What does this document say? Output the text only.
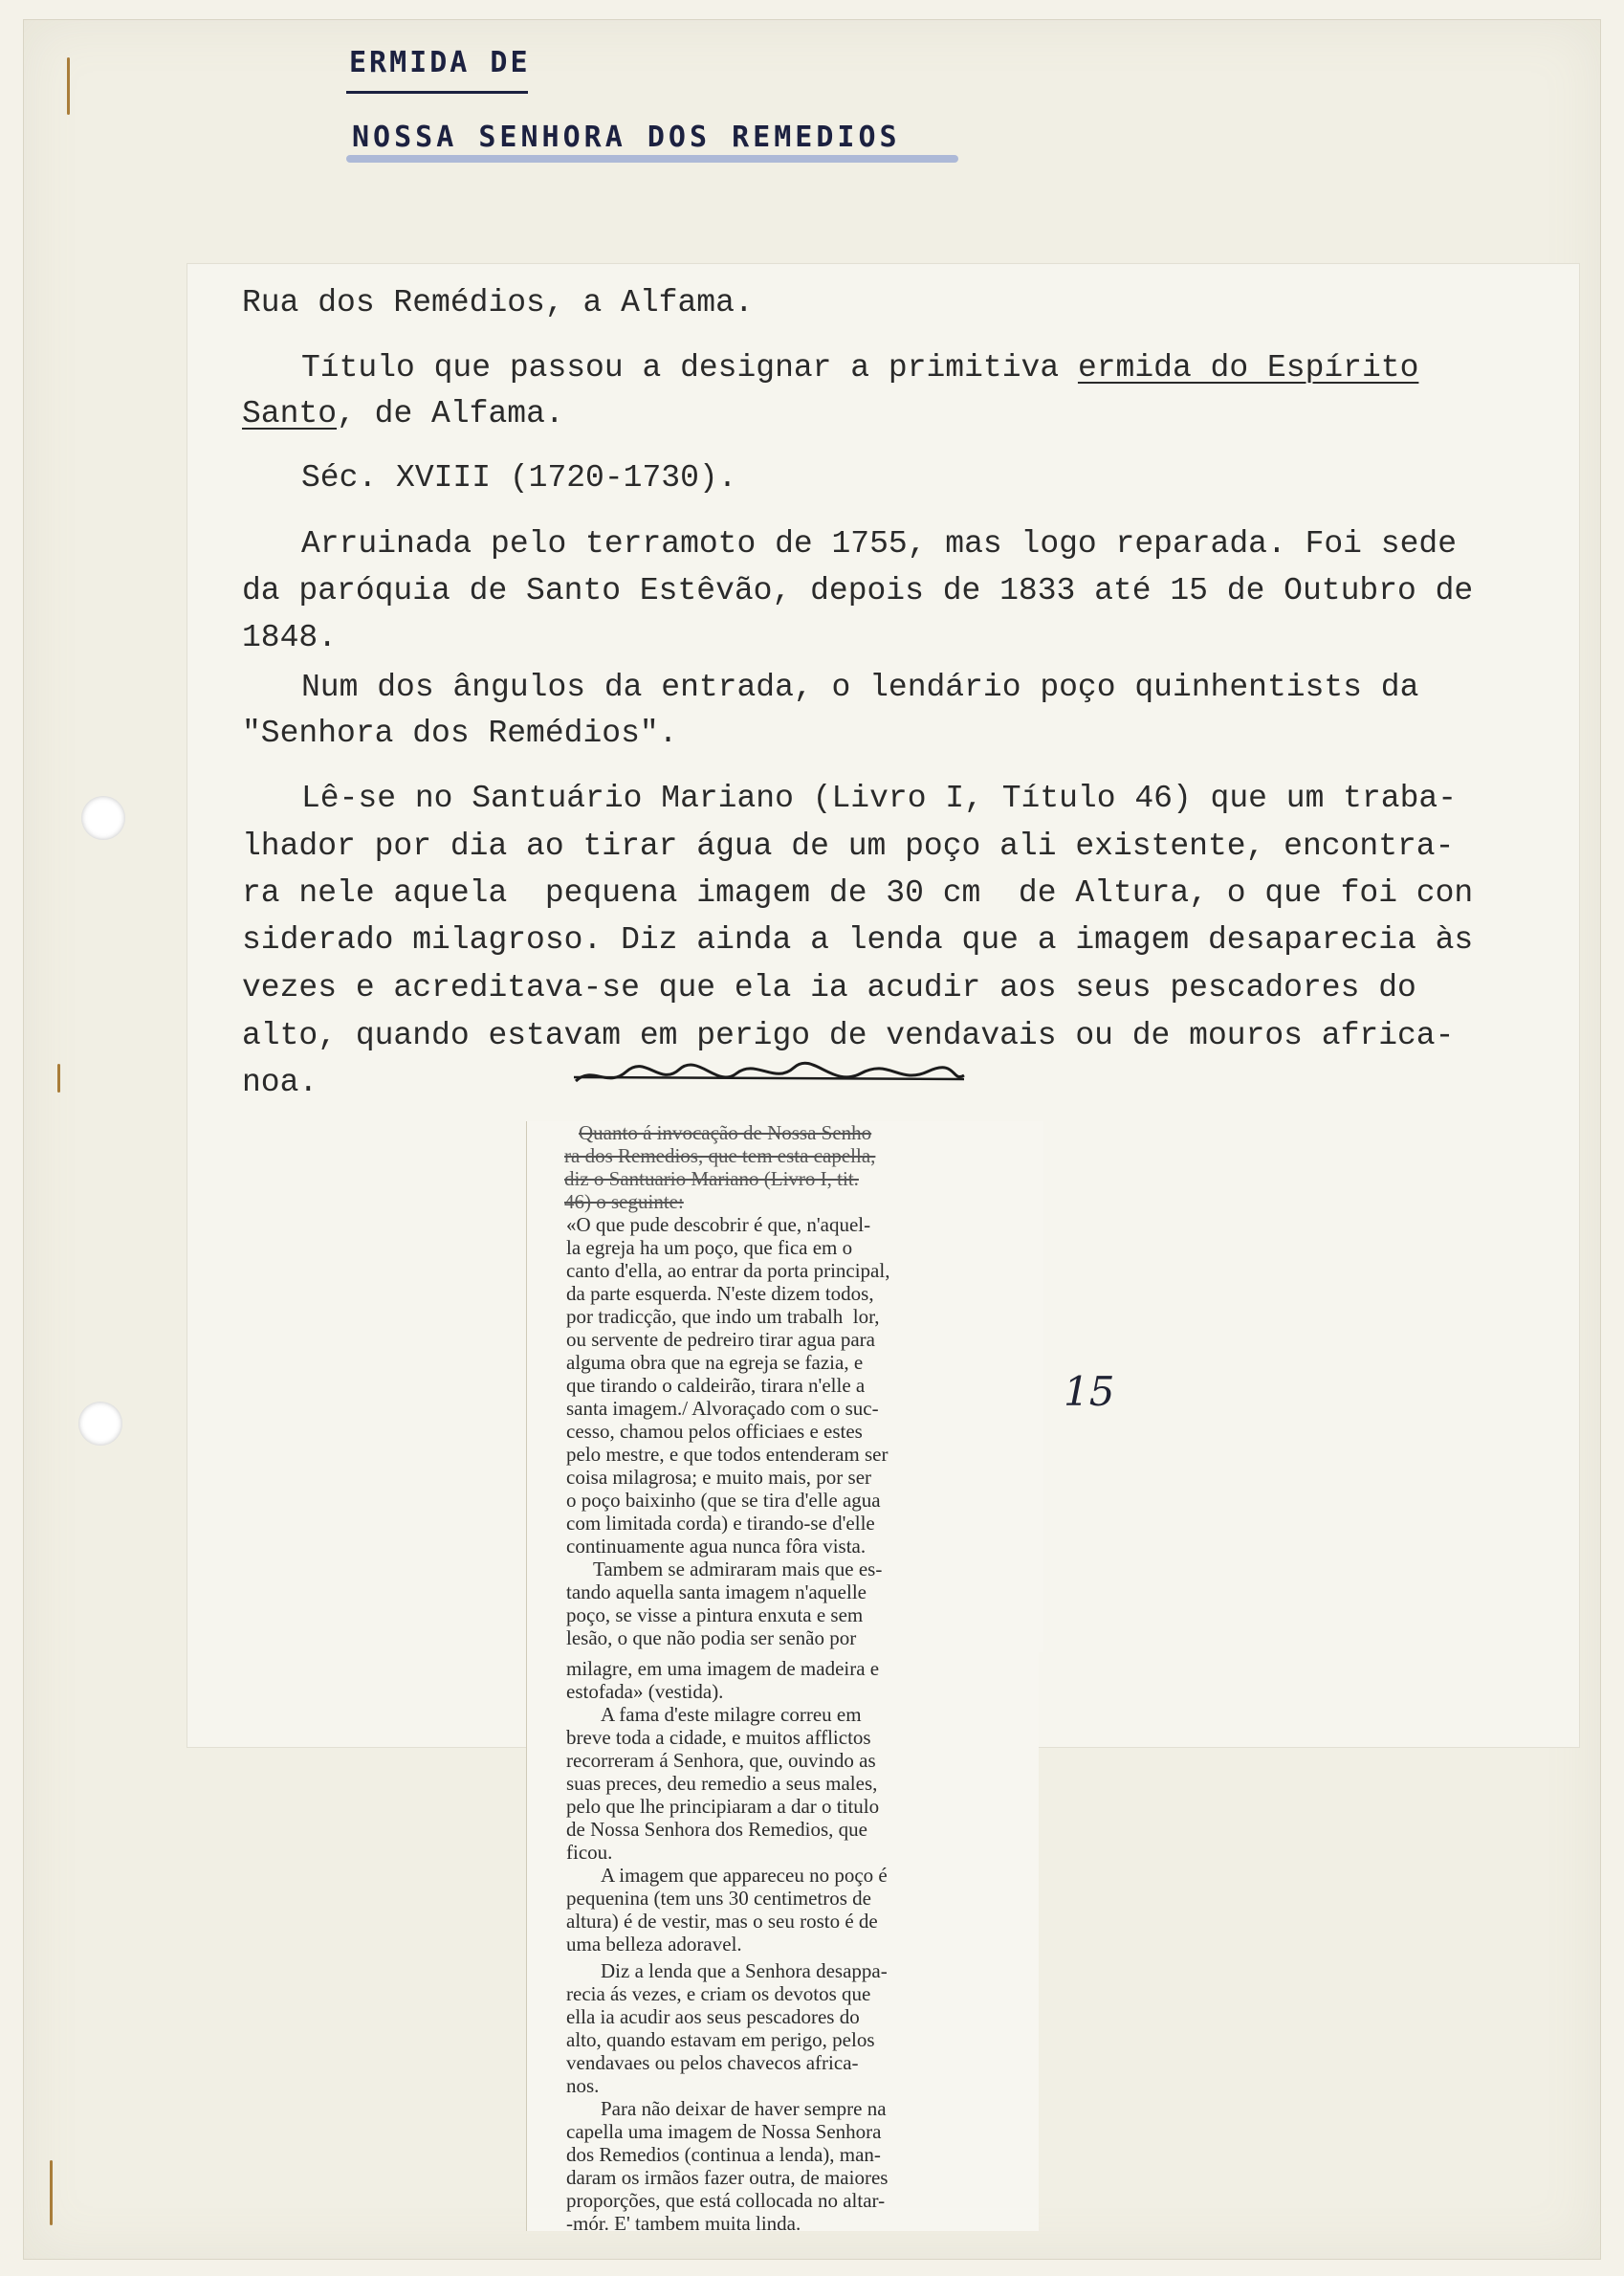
ERMIDA DE
NOSSA SENHORA DOS REMEDIOS
Rua dos Remédios, a Alfama.
Título que passou a designar a primitiva ermida do Espírito
Santo, de Alfama.
Séc. XVIII (1720-1730).
Arruinada pelo terramoto de 1755, mas logo reparada. Foi sede
da paróquia de Santo Estêvão, depois de 1833 até 15 de Outubro de
1848.
Num dos ângulos da entrada, o lendário poço quinhentists da
"Senhora dos Remédios".
Lê-se no Santuário Mariano (Livro I, Título 46) que um traba-
lhador por dia ao tirar água de um poço ali existente, encontra-
ra nele aquela  pequena imagem de 30 cm  de Altura, o que foi con
siderado milagroso. Diz ainda a lenda que a imagem desaparecia às
vezes e acreditava-se que ela ia acudir aos seus pescadores do
alto, quando estavam em perigo de vendavais ou de mouros africa-
noa.
Quanto á invocação de Nossa Senho
ra dos Remedios, que tem esta capella,
diz o Santuario Mariano (Livro I, tit.
46) o seguinte:
«O que pude descobrir é que, n'aquel-
la egreja ha um poço, que fica em o
canto d'ella, ao entrar da porta principal,
da parte esquerda. N'este dizem todos,
por tradicção, que indo um trabalh  lor,
ou servente de pedreiro tirar agua para
alguma obra que na egreja se fazia, e
que tirando o caldeirão, tirara n'elle a
santa imagem./ Alvoraçado com o suc-
cesso, chamou pelos officiaes e estes
pelo mestre, e que todos entenderam ser
coisa milagrosa; e muito mais, por ser
o poço baixinho (que se tira d'elle agua
com limitada corda) e tirando-se d'elle
continuamente agua nunca fôra vista.
Tambem se admiraram mais que es-
tando aquella santa imagem n'aquelle
poço, se visse a pintura enxuta e sem
lesão, o que não podia ser senão por
milagre, em uma imagem de madeira e
estofada» (vestida).
A fama d'este milagre correu em
breve toda a cidade, e muitos afflictos
recorreram á Senhora, que, ouvindo as
suas preces, deu remedio a seus males,
pelo que lhe principiaram a dar o titulo
de Nossa Senhora dos Remedios, que
ficou.
A imagem que appareceu no poço é
pequenina (tem uns 30 centimetros de
altura) é de vestir, mas o seu rosto é de
uma belleza adoravel.
Diz a lenda que a Senhora desappa-
recia ás vezes, e criam os devotos que
ella ia acudir aos seus pescadores do
alto, quando estavam em perigo, pelos
vendavaes ou pelos chavecos africa-
nos.
Para não deixar de haver sempre na
capella uma imagem de Nossa Senhora
dos Remedios (continua a lenda), man-
daram os irmãos fazer outra, de maiores
proporções, que está collocada no altar-
-mór. E' tambem muita linda.
15
